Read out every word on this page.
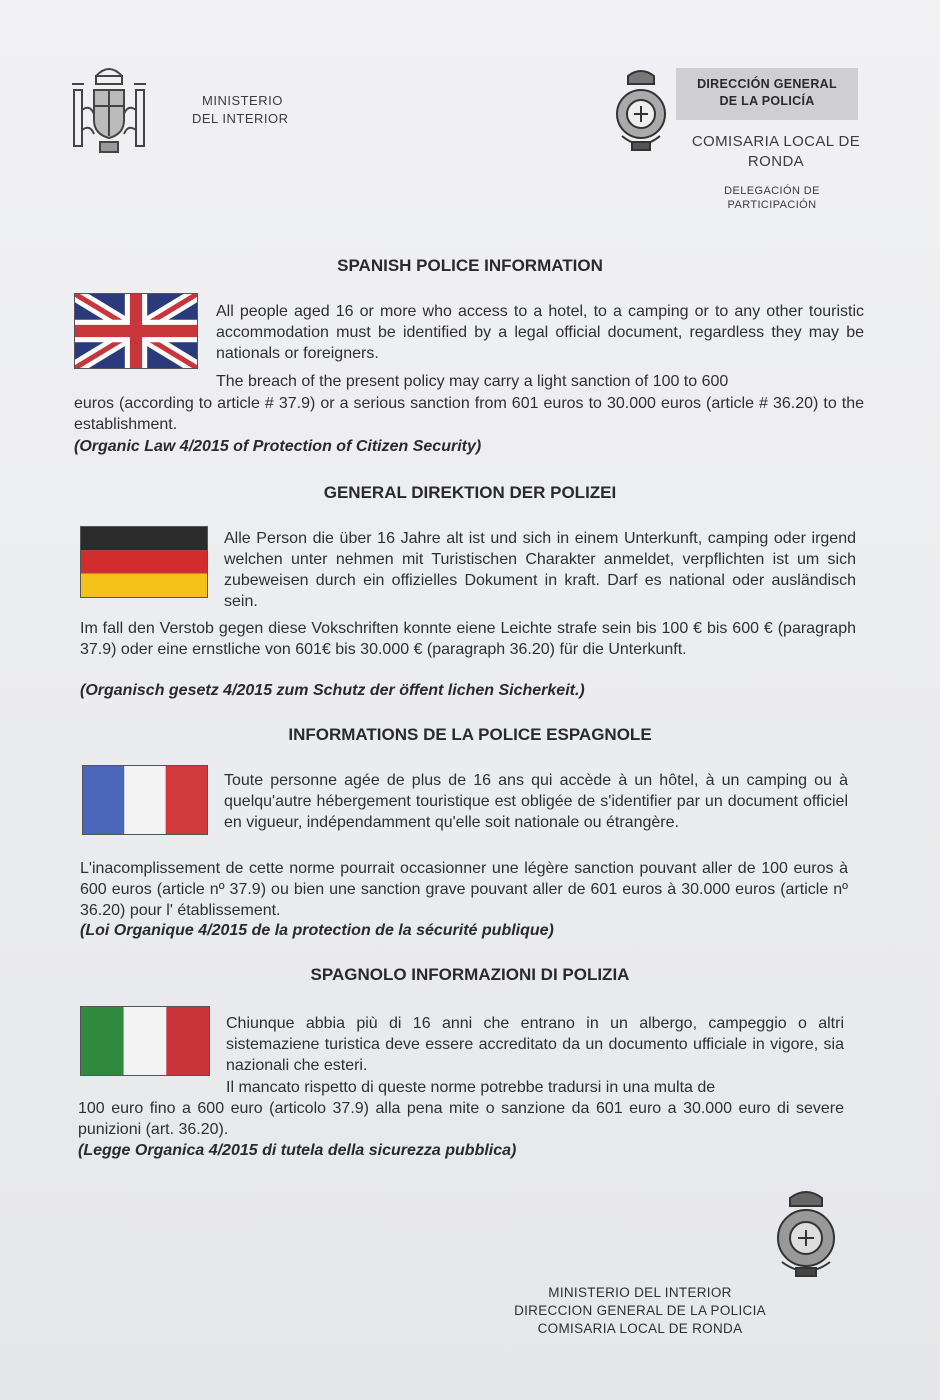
MINISTERIO
DEL INTERIOR
DIRECCIÓN GENERAL
DE LA POLICÍA
COMISARIA LOCAL DE
RONDA
DELEGACIÓN DE
PARTICIPACIÓN
SPANISH POLICE INFORMATION
All people aged 16 or more who access to a hotel, to a camping or to any other touristic accommodation must be identified by a legal official document, regardless they may be nationals or foreigners.
The breach of the present policy may carry a light sanction of 100 to 600
euros (according to article # 37.9) or a serious sanction from 601 euros to 30.000 euros (article # 36.20) to the establishment.
(Organic Law 4/2015 of Protection of Citizen Security)
GENERAL DIREKTION DER POLIZEI
Alle Person die über 16 Jahre alt ist und sich in einem Unterkunft, camping oder irgend welchen unter nehmen mit Turistischen Charakter anmeldet, verpflichten ist um sich zubeweisen durch ein offizielles Dokument in kraft. Darf es national oder ausländisch sein.
Im fall den Verstob gegen diese Vokschriften konnte eiene Leichte strafe sein bis 100 € bis 600 € (paragraph 37.9) oder eine ernstliche von 601€ bis 30.000 € (paragraph 36.20) für die Unterkunft.
(Organisch gesetz 4/2015 zum Schutz der öffent lichen Sicherkeit.)
INFORMATIONS DE LA POLICE ESPAGNOLE
Toute personne agée de plus de 16 ans qui accède à un hôtel, à un camping ou à quelqu'autre hébergement touristique est obligée de s'identifier par un document officiel en vigueur, indépendamment qu'elle soit nationale ou étrangère.
L'inacomplissement de cette norme pourrait occasionner une légère sanction pouvant aller de 100 euros à 600 euros (article nº 37.9) ou bien une sanction grave pouvant aller de 601 euros à 30.000 euros (article nº 36.20) pour l' établissement.
(Loi Organique 4/2015 de la protection de la sécurité publique)
SPAGNOLO INFORMAZIONI DI POLIZIA
Chiunque abbia più di 16 anni che entrano in un albergo, campeggio o altri sistemaziene turistica deve essere accreditato da un documento ufficiale in vigore, sia nazionali che esteri.
Il mancato rispetto di queste norme potrebbe tradursi in una multa de
100 euro fino a 600 euro (articolo 37.9) alla pena mite o sanzione da 601 euro a 30.000 euro di severe punizioni (art. 36.20).
(Legge Organica 4/2015 di tutela della sicurezza pubblica)
MINISTERIO DEL INTERIOR
DIRECCION GENERAL DE LA POLICIA
COMISARIA LOCAL DE RONDA
